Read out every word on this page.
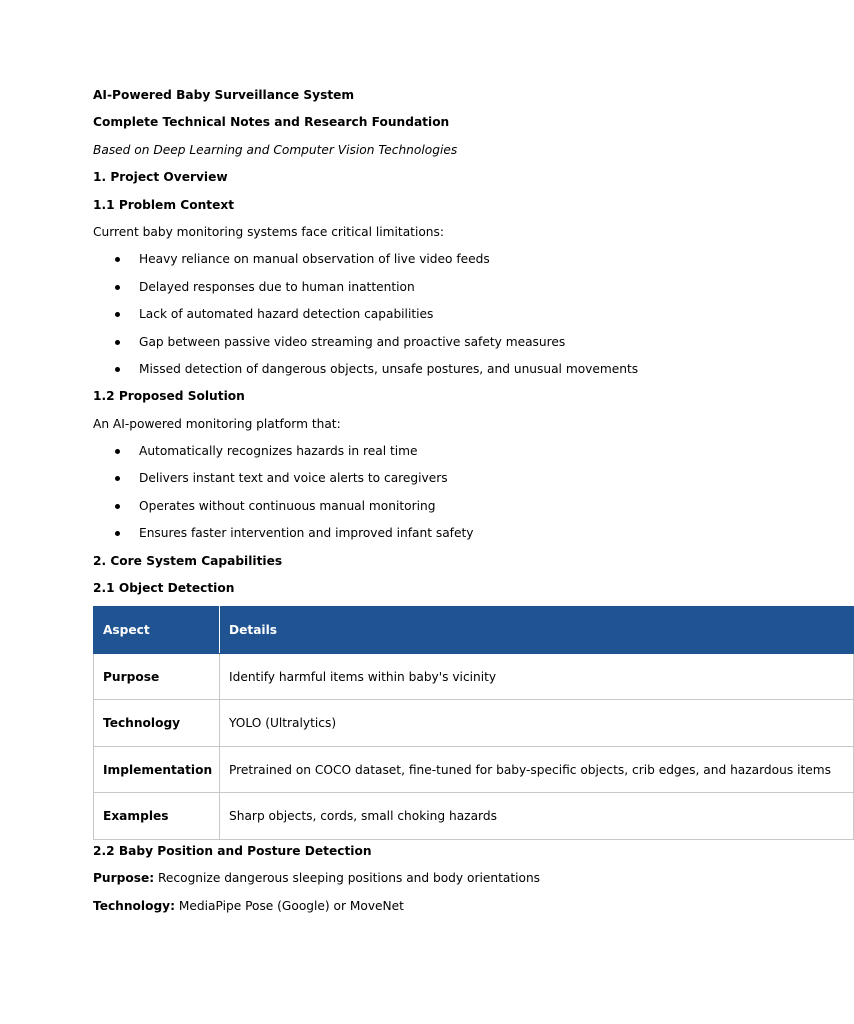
AI-Powered Baby Surveillance System
Complete Technical Notes and Research Foundation
Based on Deep Learning and Computer Vision Technologies
1. Project Overview
1.1 Problem Context
Current baby monitoring systems face critical limitations:
Heavy reliance on manual observation of live video feeds
Delayed responses due to human inattention
Lack of automated hazard detection capabilities
Gap between passive video streaming and proactive safety measures
Missed detection of dangerous objects, unsafe postures, and unusual movements
1.2 Proposed Solution
An AI-powered monitoring platform that:
Automatically recognizes hazards in real time
Delivers instant text and voice alerts to caregivers
Operates without continuous manual monitoring
Ensures faster intervention and improved infant safety
2. Core System Capabilities
2.1 Object Detection
Aspect	Details
Purpose	Identify harmful items within baby's vicinity
Technology	YOLO (Ultralytics)
Implementation	Pretrained on COCO dataset, fine-tuned for baby-specific objects, crib edges, and hazardous items
Examples	Sharp objects, cords, small choking hazards
2.2 Baby Position and Posture Detection
Purpose: Recognize dangerous sleeping positions and body orientations
Technology: MediaPipe Pose (Google) or MoveNet
